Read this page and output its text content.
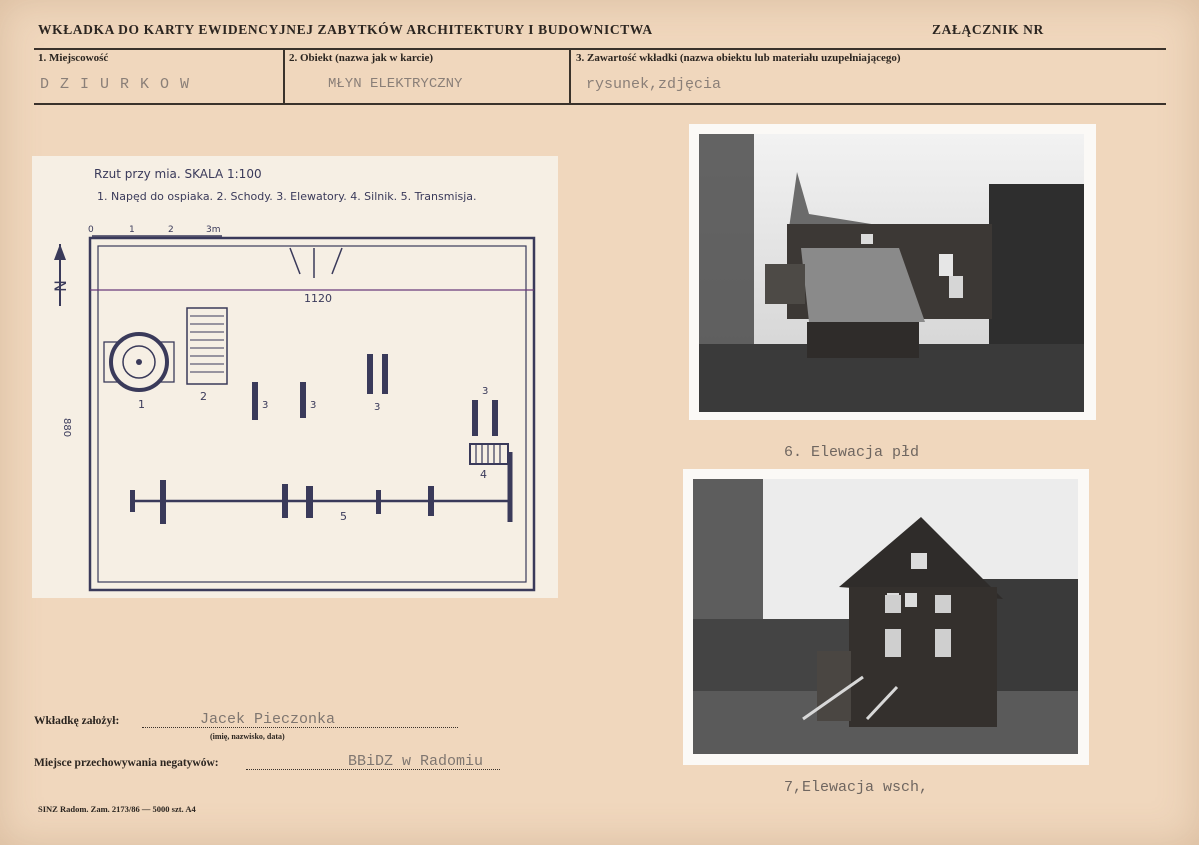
WKŁADKA DO KARTY EWIDENCYJNEJ ZABYTKÓW ARCHITEKTURY I BUDOWNICTWA	ZAŁĄCZNIK NR
1. Miejscowość
D Z I U R K O W
2. Obiekt (nazwa jak w karcie)
MŁYN ELEKTRYCZNY
3. Zawartość wkładki (nazwa obiektu lub materiału uzupełniającego)
rysunek,zdjęcia
Rzut przy mia. SKALA 1:100
1. Napęd do ospiaka. 2. Schody. 3. Elewatory. 4. Silnik. 5. Transmisja.
0	1	2	3m
N
1120
880
1
2
3	3	3
3
4
5
6. Elewacja płd
7,Elewacja wsch,
Wkładkę założył:	Jacek Pieczonka
(imię, nazwisko, data)
Miejsce przechowywania negatywów:	BBiDZ w Radomiu
SINZ Radom. Zam. 2173/86 — 5000 szt. A4
